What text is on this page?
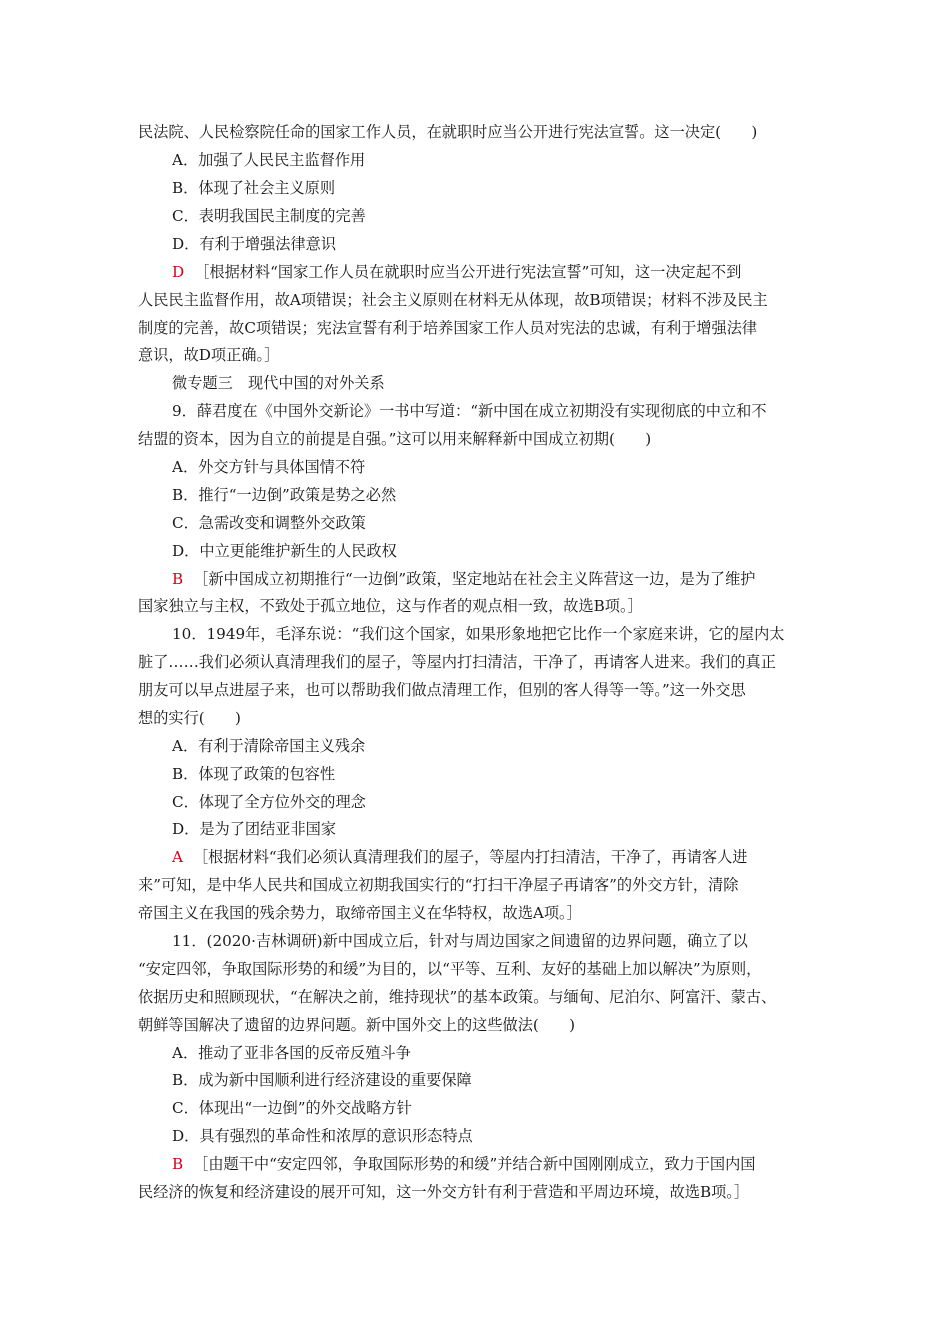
民法院、人民检察院任命的国家工作人员，在就职时应当公开进行宪法宣誓。这一决定(　　)
A．加强了人民民主监督作用
B．体现了社会主义原则
C．表明我国民主制度的完善
D．有利于增强法律意识
D ［根据材料“国家工作人员在就职时应当公开进行宪法宣誓”可知，这一决定起不到
人民民主监督作用，故A项错误；社会主义原则在材料无从体现，故B项错误；材料不涉及民主
制度的完善，故C项错误；宪法宣誓有利于培养国家工作人员对宪法的忠诚，有利于增强法律
意识，故D项正确。］
微专题三　现代中国的对外关系
9．薛君度在《中国外交新论》一书中写道：“新中国在成立初期没有实现彻底的中立和不
结盟的资本，因为自立的前提是自强。”这可以用来解释新中国成立初期(　　)
A．外交方针与具体国情不符
B．推行“一边倒”政策是势之必然
C．急需改变和调整外交政策
D．中立更能维护新生的人民政权
B ［新中国成立初期推行“一边倒”政策，坚定地站在社会主义阵营这一边，是为了维护
国家独立与主权，不致处于孤立地位，这与作者的观点相一致，故选B项。］
10．1949年，毛泽东说：“我们这个国家，如果形象地把它比作一个家庭来讲，它的屋内太
脏了……我们必须认真清理我们的屋子，等屋内打扫清洁，干净了，再请客人进来。我们的真正
朋友可以早点进屋子来，也可以帮助我们做点清理工作，但别的客人得等一等。”这一外交思
想的实行(　　)
A．有利于清除帝国主义残余
B．体现了政策的包容性
C．体现了全方位外交的理念
D．是为了团结亚非国家
A ［根据材料“我们必须认真清理我们的屋子，等屋内打扫清洁，干净了，再请客人进
来”可知，是中华人民共和国成立初期我国实行的“打扫干净屋子再请客”的外交方针，清除
帝国主义在我国的残余势力，取缔帝国主义在华特权，故选A项。］
11．(2020·吉林调研)新中国成立后，针对与周边国家之间遗留的边界问题，确立了以
“安定四邻，争取国际形势的和缓”为目的，以“平等、互利、友好的基础上加以解决”为原则，
依据历史和照顾现状，“在解决之前，维持现状”的基本政策。与缅甸、尼泊尔、阿富汗、蒙古、
朝鲜等国解决了遗留的边界问题。新中国外交上的这些做法(　　)
A．推动了亚非各国的反帝反殖斗争
B．成为新中国顺利进行经济建设的重要保障
C．体现出“一边倒”的外交战略方针
D．具有强烈的革命性和浓厚的意识形态特点
B ［由题干中“安定四邻，争取国际形势的和缓”并结合新中国刚刚成立，致力于国内国
民经济的恢复和经济建设的展开可知，这一外交方针有利于营造和平周边环境，故选B项。］
